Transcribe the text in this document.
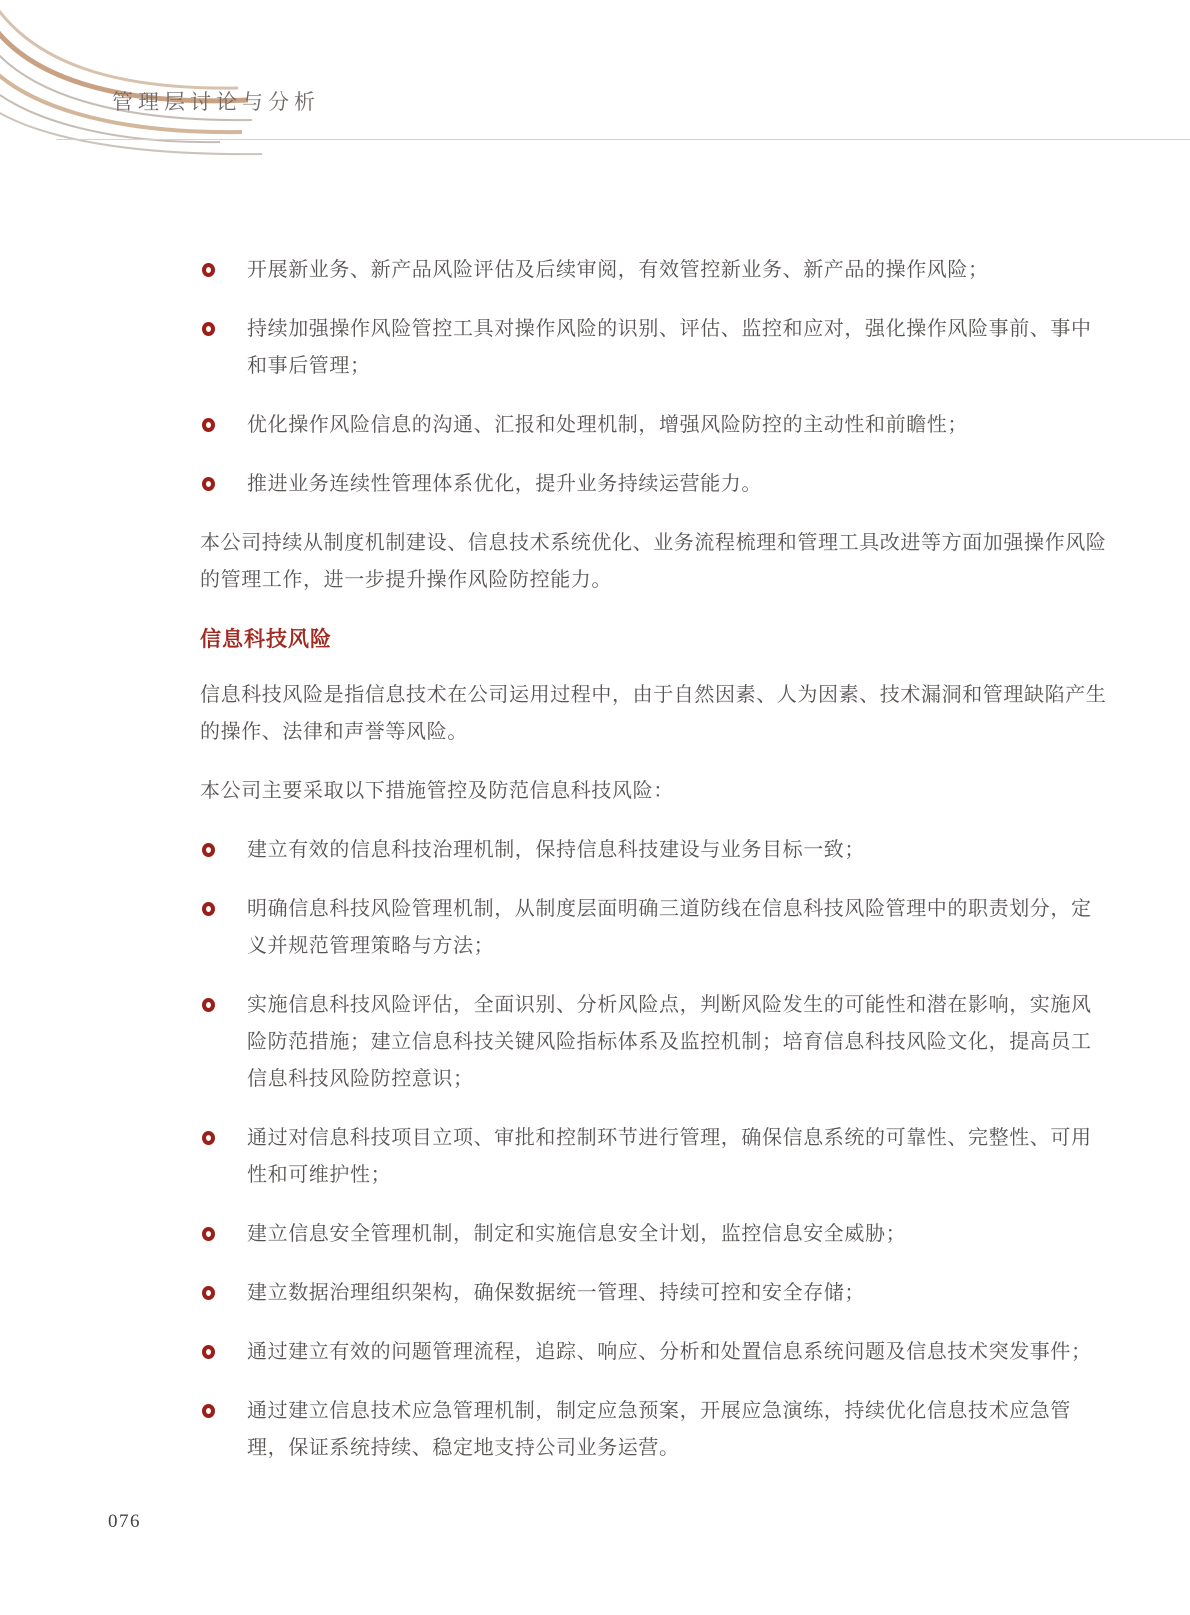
管理层讨论与分析
开展新业务、新产品风险评估及后续审阅，有效管控新业务、新产品的操作风险；
持续加强操作风险管控工具对操作风险的识别、评估、监控和应对，强化操作风险事前、事中和事后管理；
优化操作风险信息的沟通、汇报和处理机制，增强风险防控的主动性和前瞻性；
推进业务连续性管理体系优化，提升业务持续运营能力。

本公司持续从制度机制建设、信息技术系统优化、业务流程梳理和管理工具改进等方面加强操作风险的管理工作，进一步提升操作风险防控能力。

信息科技风险

信息科技风险是指信息技术在公司运用过程中，由于自然因素、人为因素、技术漏洞和管理缺陷产生的操作、法律和声誉等风险。

本公司主要采取以下措施管控及防范信息科技风险：

建立有效的信息科技治理机制，保持信息科技建设与业务目标一致；
明确信息科技风险管理机制，从制度层面明确三道防线在信息科技风险管理中的职责划分，定义并规范管理策略与方法；
实施信息科技风险评估，全面识别、分析风险点，判断风险发生的可能性和潜在影响，实施风险防范措施；建立信息科技关键风险指标体系及监控机制；培育信息科技风险文化，提高员工信息科技风险防控意识；
通过对信息科技项目立项、审批和控制环节进行管理，确保信息系统的可靠性、完整性、可用性和可维护性；
建立信息安全管理机制，制定和实施信息安全计划，监控信息安全威胁；
建立数据治理组织架构，确保数据统一管理、持续可控和安全存储；
通过建立有效的问题管理流程，追踪、响应、分析和处置信息系统问题及信息技术突发事件；
通过建立信息技术应急管理机制，制定应急预案，开展应急演练，持续优化信息技术应急管理，保证系统持续、稳定地支持公司业务运营。
076
